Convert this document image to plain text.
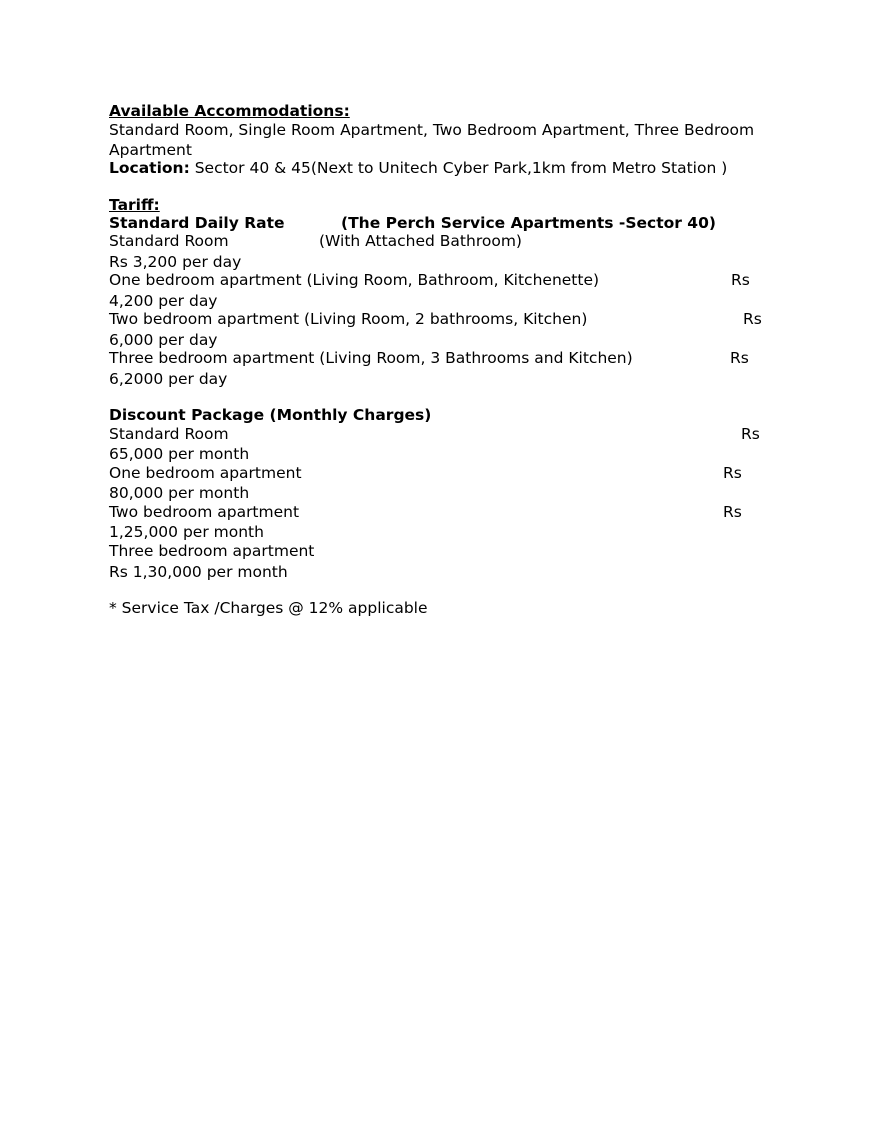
Available Accommodations:
Standard Room, Single Room Apartment, Two Bedroom Apartment, Three Bedroom
Apartment
Location: Sector 40 & 45(Next to Unitech Cyber Park,1km from Metro Station )
Tariff:
Standard Daily Rate	(The Perch Service Apartments -Sector 40)
Standard Room	(With Attached Bathroom)
Rs 3,200 per day
One bedroom apartment (Living Room, Bathroom, Kitchenette)	Rs
4,200 per day
Two bedroom apartment (Living Room, 2 bathrooms, Kitchen)	Rs
6,000 per day
Three bedroom apartment (Living Room, 3 Bathrooms and Kitchen)	Rs
6,2000 per day
Discount Package (Monthly Charges)
Standard Room	Rs
65,000 per month
One bedroom apartment	Rs
80,000 per month
Two bedroom apartment	Rs
1,25,000 per month
Three bedroom apartment
Rs 1,30,000 per month
* Service Tax /Charges @ 12% applicable
